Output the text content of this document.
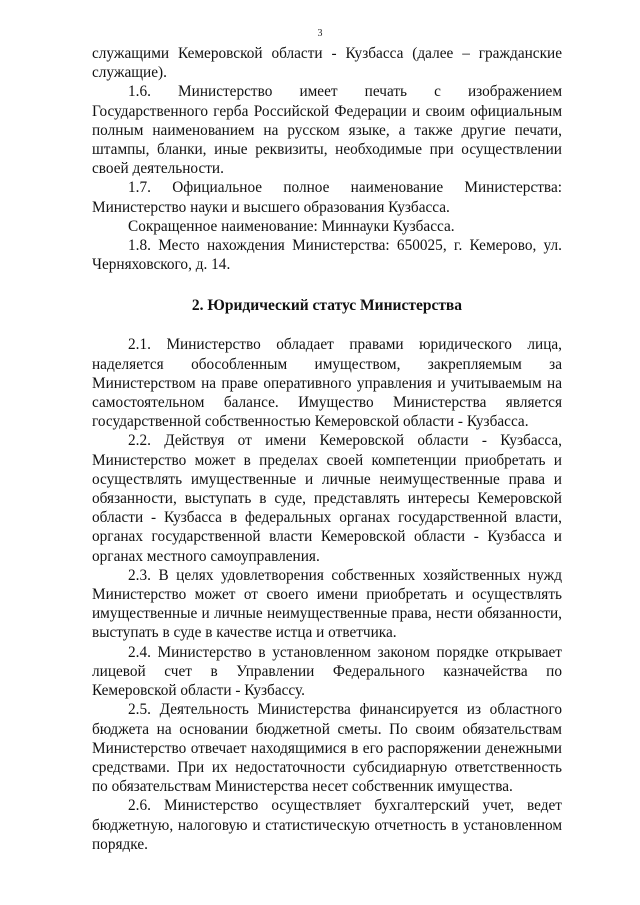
3

служащими Кемеровской области - Кузбасса (далее – гражданские служащие).

1.6. Министерство имеет печать с изображением Государственного герба Российской Федерации и своим официальным полным наименованием на русском языке, а также другие печати, штампы, бланки, иные реквизиты, необходимые при осуществлении своей деятельности.

1.7. Официальное полное наименование Министерства: Министерство науки и высшего образования Кузбасса.

Сокращенное наименование: Миннауки Кузбасса.

1.8. Место нахождения Министерства: 650025, г. Кемерово, ул. Черняховского, д. 14.

2. Юридический статус Министерства

2.1. Министерство обладает правами юридического лица, наделяется обособленным имуществом, закрепляемым за Министерством на праве оперативного управления и учитываемым на самостоятельном балансе. Имущество Министерства является государственной собственностью Кемеровской области - Кузбасса.

2.2. Действуя от имени Кемеровской области - Кузбасса, Министерство может в пределах своей компетенции приобретать и осуществлять имущественные и личные неимущественные права и обязанности, выступать в суде, представлять интересы Кемеровской области - Кузбасса в федеральных органах государственной власти, органах государственной власти Кемеровской области - Кузбасса и органах местного самоуправления.

2.3. В целях удовлетворения собственных хозяйственных нужд Министерство может от своего имени приобретать и осуществлять имущественные и личные неимущественные права, нести обязанности, выступать в суде в качестве истца и ответчика.

2.4. Министерство в установленном законом порядке открывает лицевой счет в Управлении Федерального казначейства по Кемеровской области - Кузбассу.

2.5. Деятельность Министерства финансируется из областного бюджета на основании бюджетной сметы. По своим обязательствам Министерство отвечает находящимися в его распоряжении денежными средствами. При их недостаточности субсидиарную ответственность по обязательствам Министерства несет собственник имущества.

2.6. Министерство осуществляет бухгалтерский учет, ведет бюджетную, налоговую и статистическую отчетность в установленном порядке.
